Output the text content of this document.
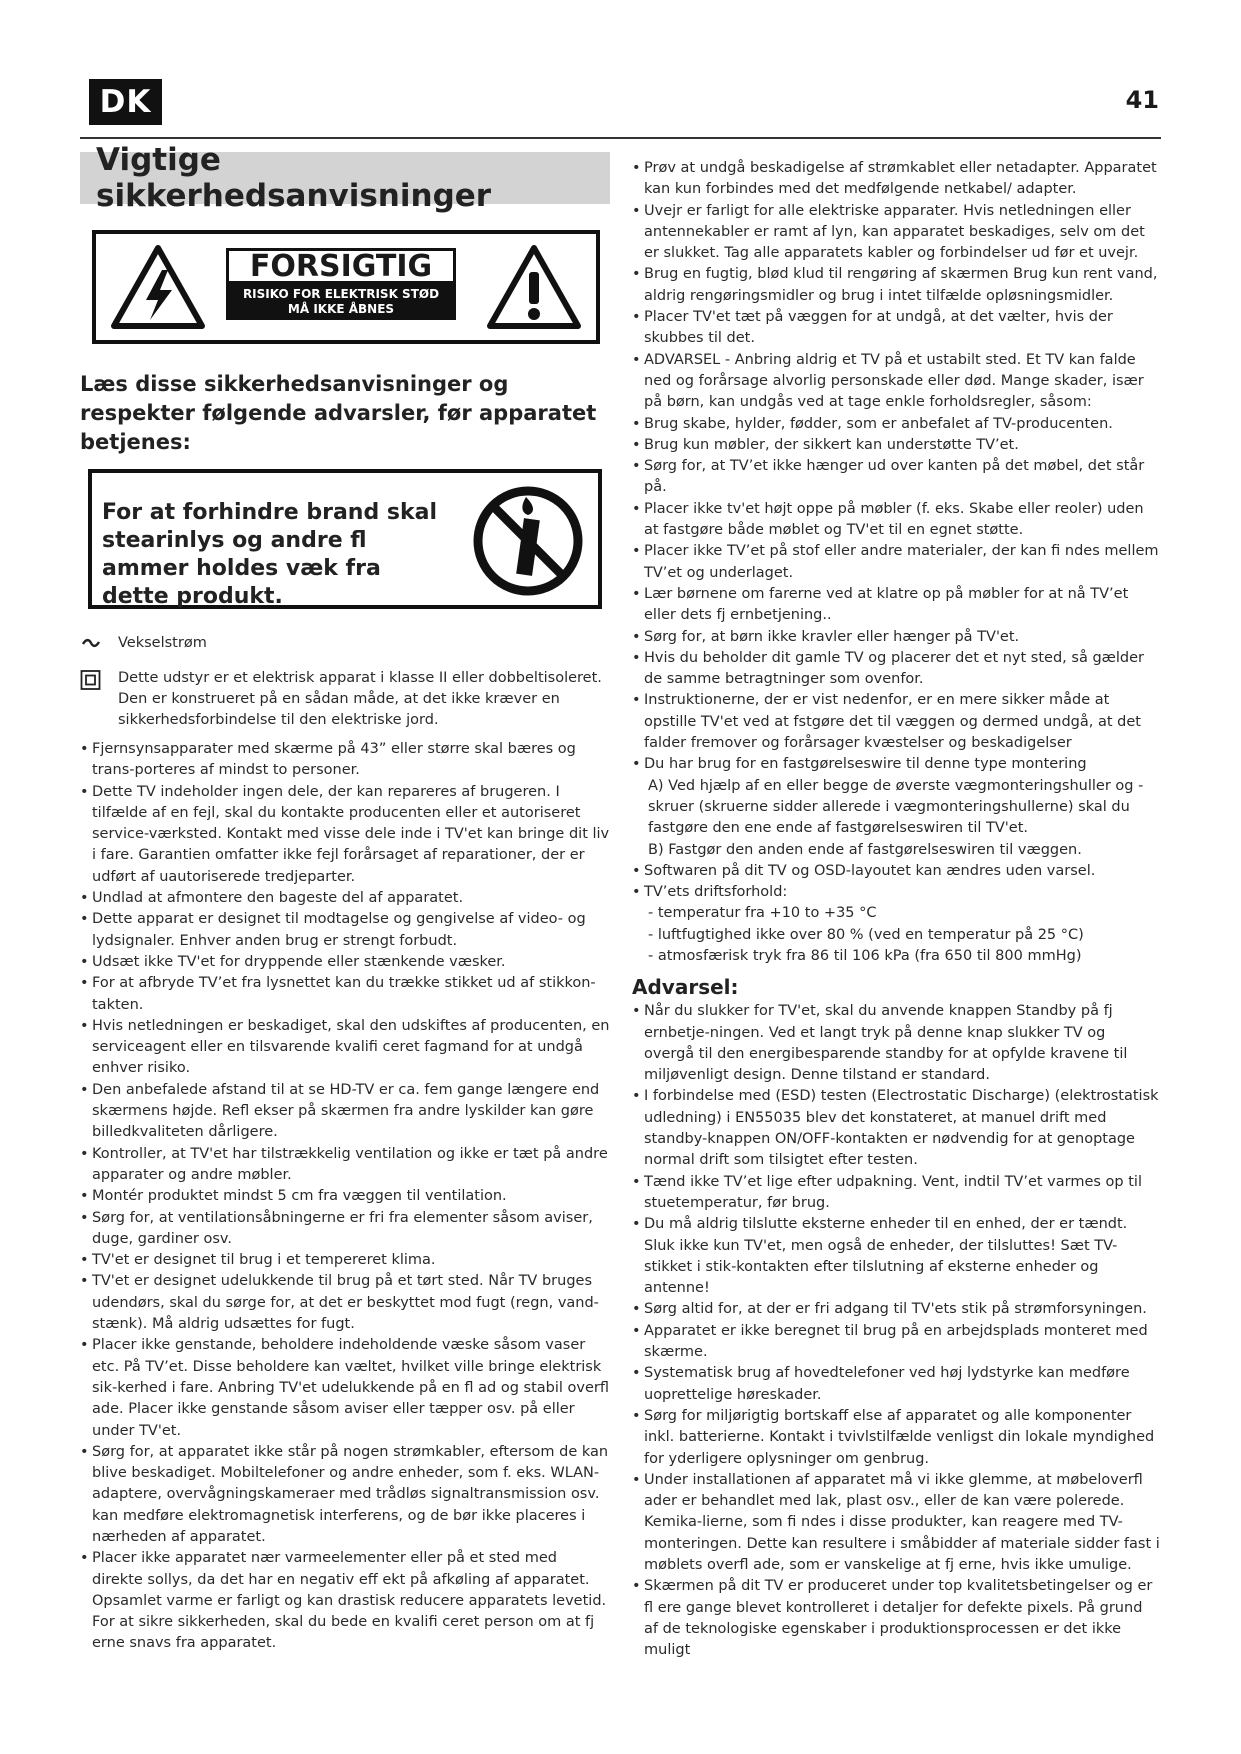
DK	41
Vigtige sikkerhedsanvisninger
FORSIGTIG
RISIKO FOR ELEKTRISK STØD
MÅ IKKE ÅBNES
Læs disse sikkerhedsanvisninger og respekter følgende advarsler, før apparatet betjenes:
For at forhindre brand skal stearinlys og andre fl ammer holdes væk fra dette produkt.
Vekselstrøm
Dette udstyr er et elektrisk apparat i klasse II eller dobbeltisoleret. Den er konstrueret på en sådan måde, at det ikke kræver en sikkerhedsforbindelse til den elektriske jord.
• Fjernsynsapparater med skærme på 43” eller større skal bæres og trans-porteres af mindst to personer.
• Dette TV indeholder ingen dele, der kan repareres af brugeren. I tilfælde af en fejl, skal du kontakte producenten eller et autoriseret service-værksted. Kontakt med visse dele inde i TV'et kan bringe dit liv i fare. Garantien omfatter ikke fejl forårsaget af reparationer, der er udført af uautoriserede tredjeparter.
• Undlad at afmontere den bageste del af apparatet.
• Dette apparat er designet til modtagelse og gengivelse af video- og lydsignaler. Enhver anden brug er strengt forbudt.
• Udsæt ikke TV'et for dryppende eller stænkende væsker.
• For at afbryde TV’et fra lysnettet kan du trække stikket ud af stikkon-takten.
• Hvis netledningen er beskadiget, skal den udskiftes af producenten, en serviceagent eller en tilsvarende kvalifi ceret fagmand for at undgå enhver risiko.
• Den anbefalede afstand til at se HD-TV er ca. fem gange længere end skærmens højde. Refl ekser på skærmen fra andre lyskilder kan gøre billedkvaliteten dårligere.
• Kontroller, at TV'et har tilstrækkelig ventilation og ikke er tæt på andre apparater og andre møbler.
• Montér produktet mindst 5 cm fra væggen til ventilation.
• Sørg for, at ventilationsåbningerne er fri fra elementer såsom aviser, duge, gardiner osv.
• TV'et er designet til brug i et tempereret klima.
• TV'et er designet udelukkende til brug på et tørt sted. Når TV bruges udendørs, skal du sørge for, at det er beskyttet mod fugt (regn, vand-stænk). Må aldrig udsættes for fugt.
• Placer ikke genstande, beholdere indeholdende væske såsom vaser etc. På TV’et. Disse beholdere kan væltet, hvilket ville bringe elektrisk sik-kerhed i fare. Anbring TV'et udelukkende på en fl ad og stabil overfl ade. Placer ikke genstande såsom aviser eller tæpper osv. på eller under TV'et.
• Sørg for, at apparatet ikke står på nogen strømkabler, eftersom de kan blive beskadiget. Mobiltelefoner og andre enheder, som f. eks. WLAN-adaptere, overvågningskameraer med trådløs signaltransmission osv. kan medføre elektromagnetisk interferens, og de bør ikke placeres i nærheden af apparatet.
• Placer ikke apparatet nær varmeelementer eller på et sted med direkte sollys, da det har en negativ eff ekt på afkøling af apparatet. Opsamlet varme er farligt og kan drastisk reducere apparatets levetid. For at sikre sikkerheden, skal du bede en kvalifi ceret person om at fj erne snavs fra apparatet.
• Prøv at undgå beskadigelse af strømkablet eller netadapter. Apparatet kan kun forbindes med det medfølgende netkabel/ adapter.
• Uvejr er farligt for alle elektriske apparater. Hvis netledningen eller antennekabler er ramt af lyn, kan apparatet beskadiges, selv om det er slukket. Tag alle apparatets kabler og forbindelser ud før et uvejr.
• Brug en fugtig, blød klud til rengøring af skærmen Brug kun rent vand, aldrig rengøringsmidler og brug i intet tilfælde opløsningsmidler.
• Placer TV'et tæt på væggen for at undgå, at det vælter, hvis der skubbes til det.
• ADVARSEL - Anbring aldrig et TV på et ustabilt sted. Et TV kan falde ned og forårsage alvorlig personskade eller død. Mange skader, især på børn, kan undgås ved at tage enkle forholdsregler, såsom:
• Brug skabe, hylder, fødder, som er anbefalet af TV-producenten.
• Brug kun møbler, der sikkert kan understøtte TV’et.
• Sørg for, at TV’et ikke hænger ud over kanten på det møbel, det står på.
• Placer ikke tv'et højt oppe på møbler (f. eks. Skabe eller reoler) uden at fastgøre både møblet og TV'et til en egnet støtte.
• Placer ikke TV’et på stof eller andre materialer, der kan fi ndes mellem TV’et og underlaget.
• Lær børnene om farerne ved at klatre op på møbler for at nå TV’et eller dets fj ernbetjening..
• Sørg for, at børn ikke kravler eller hænger på TV'et.
• Hvis du beholder dit gamle TV og placerer det et nyt sted, så gælder de samme betragtninger som ovenfor.
• Instruktionerne, der er vist nedenfor, er en mere sikker måde at opstille TV'et ved at fstgøre det til væggen og dermed undgå, at det falder fremover og forårsager kvæstelser og beskadigelser
• Du har brug for en fastgørelseswire til denne type montering
A) Ved hjælp af en eller begge de øverste vægmonteringshuller og -skruer (skruerne sidder allerede i vægmonteringshullerne) skal du fastgøre den ene ende af fastgørelseswiren til TV'et.
B) Fastgør den anden ende af fastgørelseswiren til væggen.
• Softwaren på dit TV og OSD-layoutet kan ændres uden varsel.
• TV’ets driftsforhold:
- temperatur fra +10 to +35 °C
- luftfugtighed ikke over 80 % (ved en temperatur på 25 °C)
- atmosfærisk tryk fra 86 til 106 kPa (fra 650 til 800 mmHg)
Advarsel:
• Når du slukker for TV'et, skal du anvende knappen Standby på fj ernbetje-ningen. Ved et langt tryk på denne knap slukker TV og overgå til den energibesparende standby for at opfylde kravene til miljøvenligt design. Denne tilstand er standard.
• I forbindelse med (ESD) testen (Electrostatic Discharge) (elektrostatisk udledning) i EN55035 blev det konstateret, at manuel drift med standby-knappen ON/OFF-kontakten er nødvendig for at genoptage normal drift som tilsigtet efter testen.
• Tænd ikke TV’et lige efter udpakning. Vent, indtil TV’et varmes op til stuetemperatur, før brug.
• Du må aldrig tilslutte eksterne enheder til en enhed, der er tændt. Sluk ikke kun TV'et, men også de enheder, der tilsluttes! Sæt TV-stikket i stik-kontakten efter tilslutning af eksterne enheder og antenne!
• Sørg altid for, at der er fri adgang til TV'ets stik på strømforsyningen.
• Apparatet er ikke beregnet til brug på en arbejdsplads monteret med skærme.
• Systematisk brug af hovedtelefoner ved høj lydstyrke kan medføre uoprettelige høreskader.
• Sørg for miljørigtig bortskaff else af apparatet og alle komponenter inkl. batterierne. Kontakt i tvivlstilfælde venligst din lokale myndighed for yderligere oplysninger om genbrug.
• Under installationen af apparatet må vi ikke glemme, at møbeloverfl ader er behandlet med lak, plast osv., eller de kan være polerede. Kemika-lierne, som fi ndes i disse produkter, kan reagere med TV-monteringen. Dette kan resultere i småbidder af materiale sidder fast i møblets overfl ade, som er vanskelige at fj erne, hvis ikke umulige.
• Skærmen på dit TV er produceret under top kvalitetsbetingelser og er fl ere gange blevet kontrolleret i detaljer for defekte pixels. På grund af de teknologiske egenskaber i produktionsprocessen er det ikke muligt
